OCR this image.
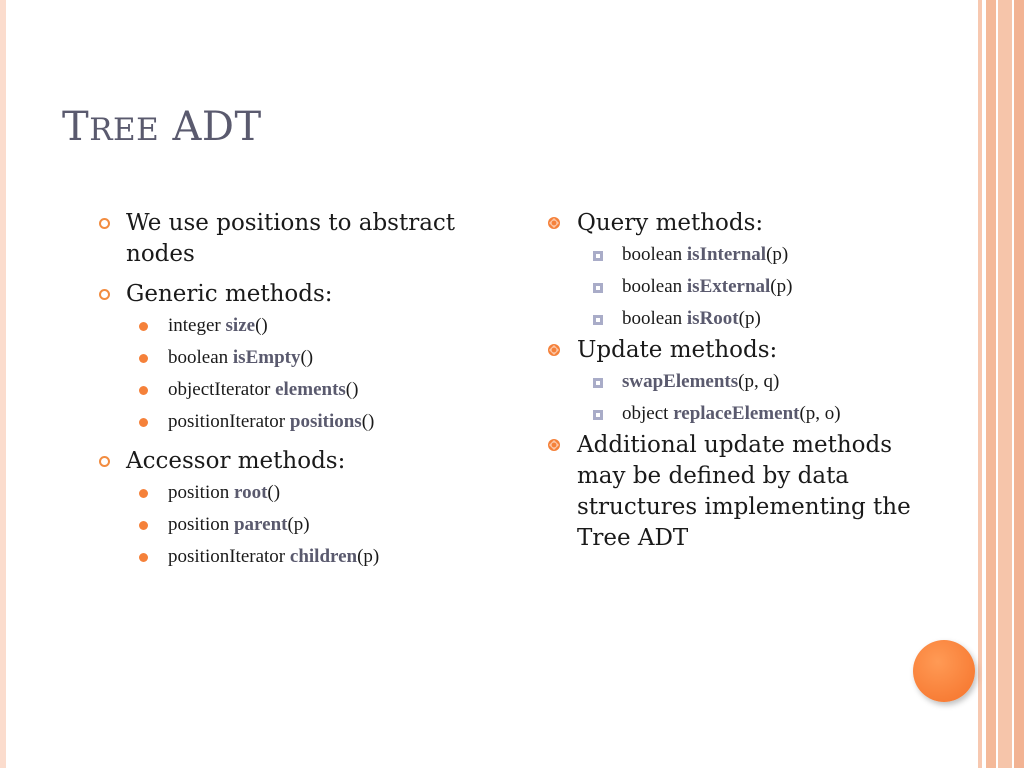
TREE ADT
We use positions to abstract nodes
Generic methods:
integer size()
boolean isEmpty()
objectIterator elements()
positionIterator positions()
Accessor methods:
position root()
position parent(p)
positionIterator children(p)
Query methods:
boolean isInternal(p)
boolean isExternal(p)
boolean isRoot(p)
Update methods:
swapElements(p, q)
object replaceElement(p, o)
Additional update methods may be defined by data structures implementing the Tree ADT
